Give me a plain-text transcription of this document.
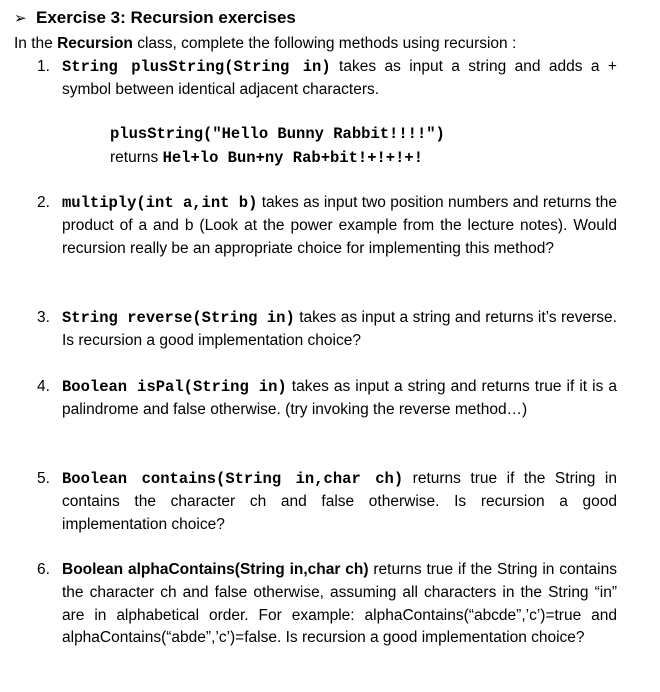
➢ Exercise 3: Recursion exercises
In the Recursion class, complete the following methods using recursion :
1. String plusString(String in) takes as input a string and adds a + symbol between identical adjacent characters.
plusString("Hello Bunny Rabbit!!!!")
returns Hel+lo Bun+ny Rab+bit!+!+!+!
2. multiply(int a,int b) takes as input two position numbers and returns the product of a and b (Look at the power example from the lecture notes). Would recursion really be an appropriate choice for implementing this method?
3. String reverse(String in) takes as input a string and returns it’s reverse. Is recursion a good implementation choice?
4. Boolean isPal(String in) takes as input a string and returns true if it is a palindrome and false otherwise. (try invoking the reverse method…)
5. Boolean contains(String in,char ch) returns true if the String in contains the character ch and false otherwise. Is recursion a good implementation choice?
6. Boolean alphaContains(String in,char ch) returns true if the String in contains the character ch and false otherwise, assuming all characters in the String “in” are in alphabetical order. For example: alphaContains(“abcde”,’c’)=true and alphaContains(“abde”,’c’)=false. Is recursion a good implementation choice?
